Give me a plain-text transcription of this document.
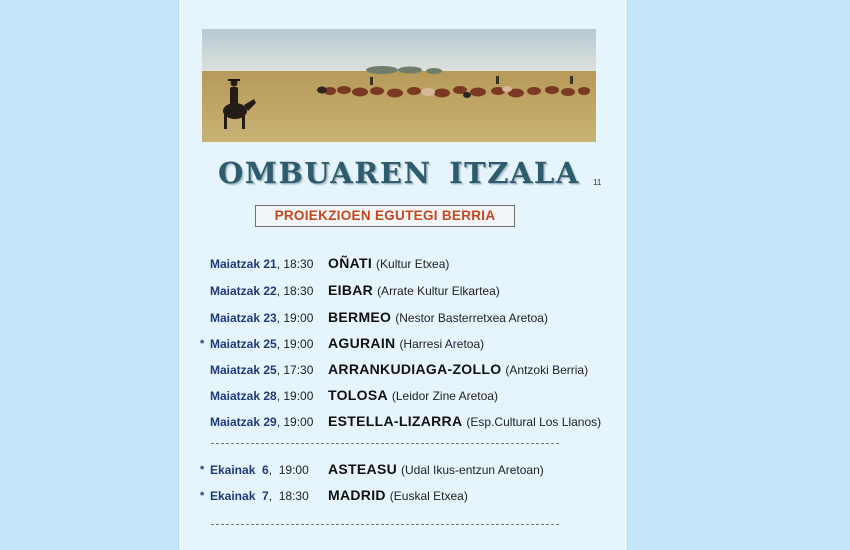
OMBUAREN ITZALA 11
PROIEKZIOEN EGUTEGI BERRIA
Maiatzak 21, 18:30 OÑATI (Kultur Etxea)
Maiatzak 22, 18:30 EIBAR (Arrate Kultur Elkartea)
Maiatzak 23, 19:00 BERMEO (Nestor Basterretxea Aretoa)
* Maiatzak 25, 19:00 AGURAIN (Harresi Aretoa)
Maiatzak 25, 17:30 ARRANKUDIAGA-ZOLLO (Antzoki Berria)
Maiatzak 28, 19:00 TOLOSA (Leidor Zine Aretoa)
Maiatzak 29, 19:00 ESTELLA-LIZARRA (Esp.Cultural Los Llanos)
* Ekainak  6,  19:00 ASTEASU (Udal Ikus-entzun Aretoan)
* Ekainak  7,  18:30 MADRID (Euskal Etxea)
